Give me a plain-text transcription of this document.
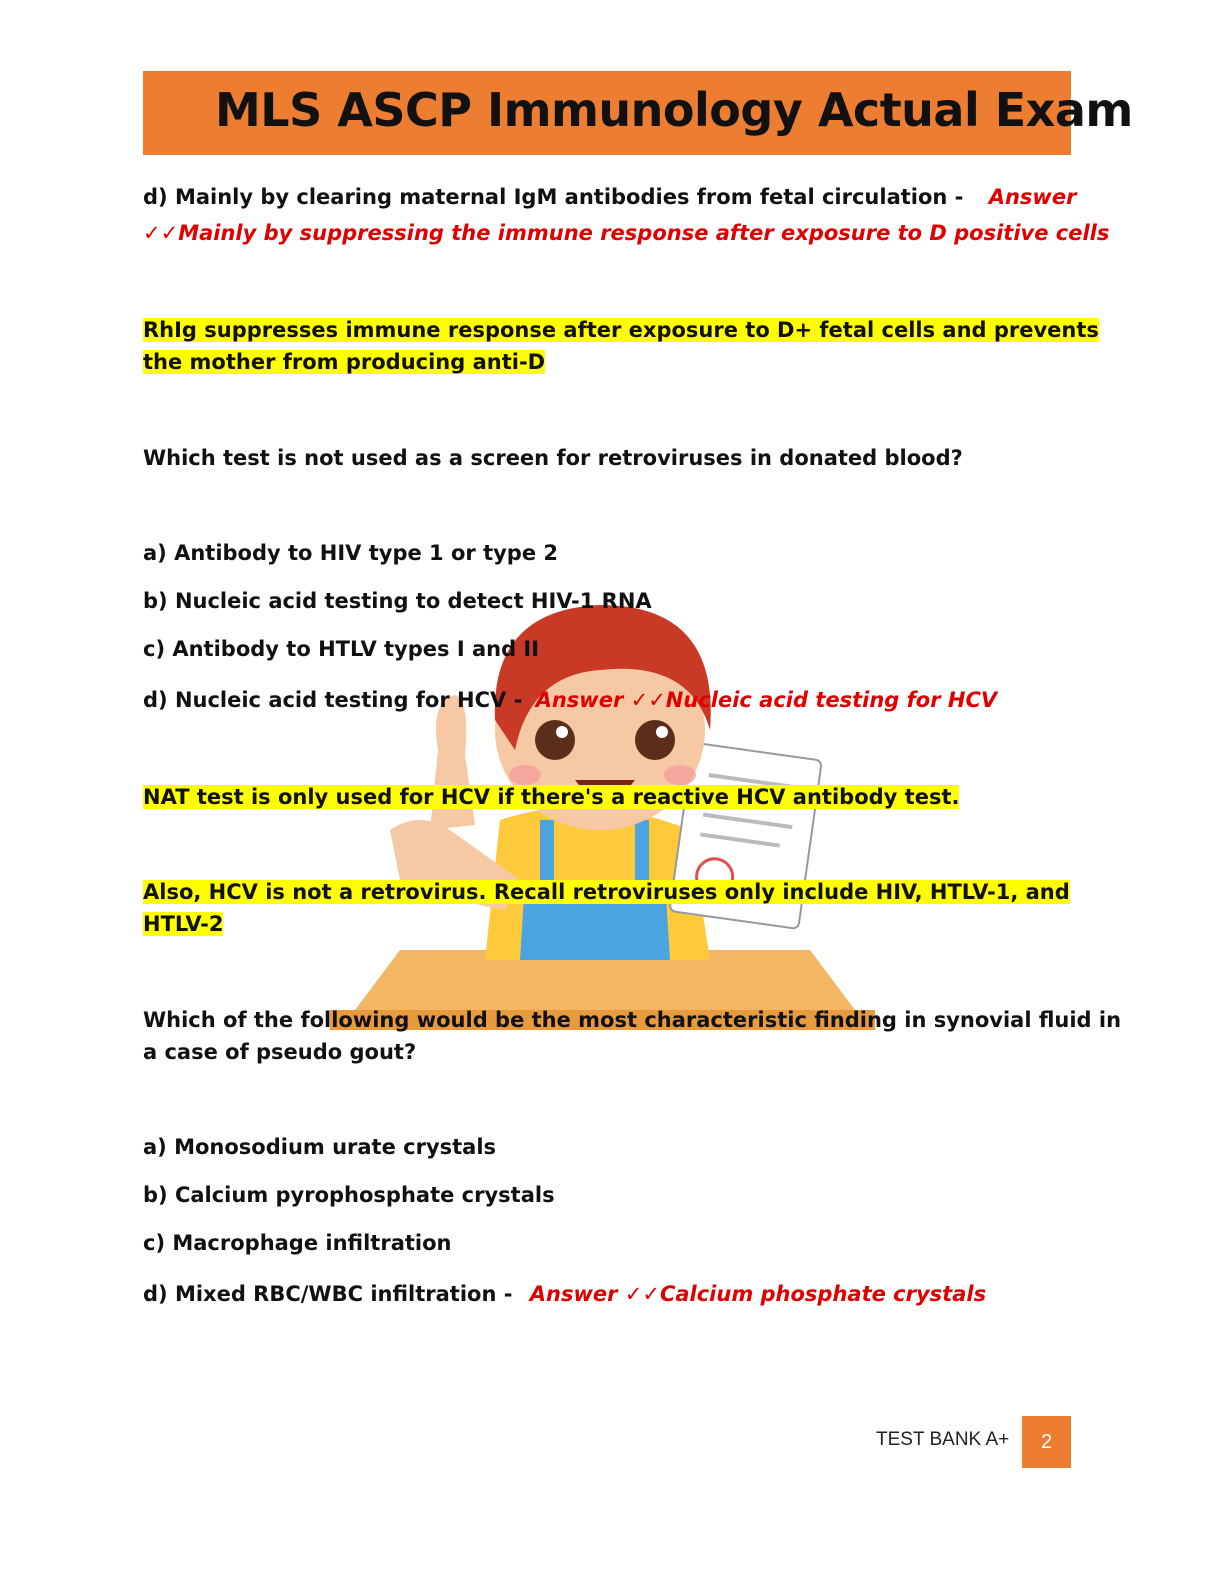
MLS ASCP Immunology Actual Exam
d) Mainly by clearing maternal IgM antibodies from fetal circulation - Answer
✓✓Mainly by suppressing the immune response after exposure to D positive cells
RhIg suppresses immune response after exposure to D+ fetal cells and prevents
the mother from producing anti-D
Which test is not used as a screen for retroviruses in donated blood?
a) Antibody to HIV type 1 or type 2
b) Nucleic acid testing to detect HIV-1 RNA
c) Antibody to HTLV types I and II
d) Nucleic acid testing for HCV - Answer ✓✓Nucleic acid testing for HCV
NAT test is only used for HCV if there's a reactive HCV antibody test.
Also, HCV is not a retrovirus. Recall retroviruses only include HIV, HTLV-1, and
HTLV-2
Which of the following would be the most characteristic finding in synovial fluid in
a case of pseudo gout?
a) Monosodium urate crystals
b) Calcium pyrophosphate crystals
c) Macrophage infiltration
d) Mixed RBC/WBC infiltration - Answer ✓✓Calcium phosphate crystals
TEST BANK A+	2
